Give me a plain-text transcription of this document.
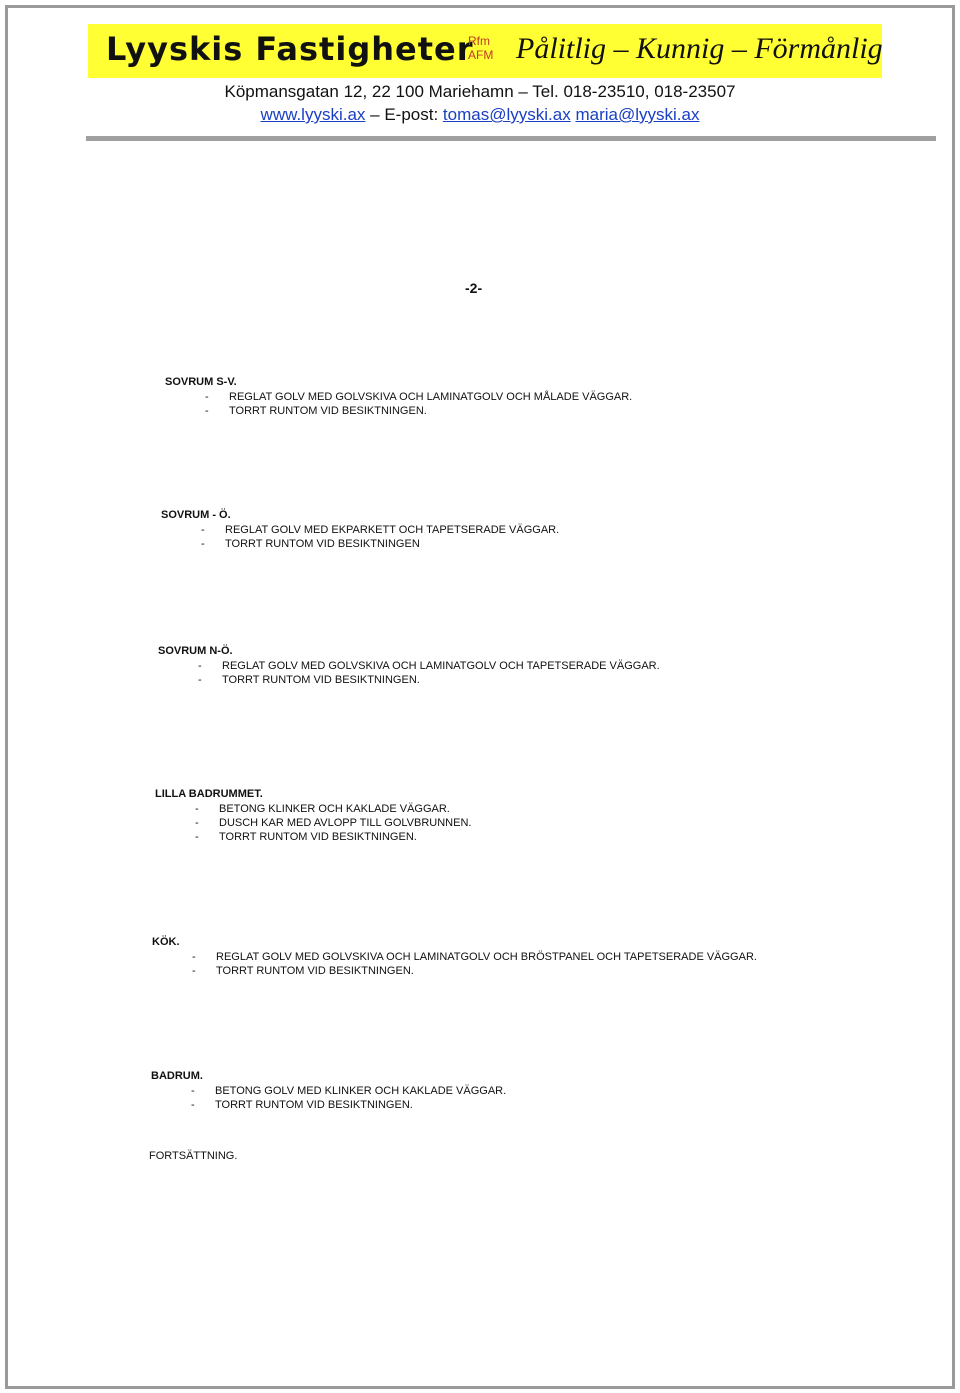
Lyyskis Fastigheter
Rfm
AFM Pålitlig – Kunnig – Förmånlig
Köpmansgatan 12, 22 100 Mariehamn – Tel. 018-23510, 018-23507
www.lyyski.ax – E-post: tomas@lyyski.ax maria@lyyski.ax
-2-
SOVRUM S-V.
-	REGLAT GOLV MED GOLVSKIVA OCH LAMINATGOLV OCH MÅLADE VÄGGAR.
-	TORRT RUNTOM VID BESIKTNINGEN.
SOVRUM - Ö.
-	REGLAT GOLV MED EKPARKETT OCH TAPETSERADE VÄGGAR.
-	TORRT RUNTOM VID BESIKTNINGEN
SOVRUM N-Ö.
-	REGLAT GOLV MED GOLVSKIVA OCH LAMINATGOLV OCH TAPETSERADE VÄGGAR.
-	TORRT RUNTOM VID BESIKTNINGEN.
LILLA BADRUMMET.
-	BETONG KLINKER OCH KAKLADE VÄGGAR.
-	DUSCH KAR MED AVLOPP TILL GOLVBRUNNEN.
-	TORRT RUNTOM VID BESIKTNINGEN.
KÖK.
-	REGLAT GOLV MED GOLVSKIVA OCH LAMINATGOLV OCH BRÖSTPANEL OCH TAPETSERADE VÄGGAR.
-	TORRT RUNTOM VID BESIKTNINGEN.
BADRUM.
-	BETONG GOLV MED KLINKER OCH KAKLADE VÄGGAR.
-	TORRT RUNTOM VID BESIKTNINGEN.
FORTSÄTTNING.
